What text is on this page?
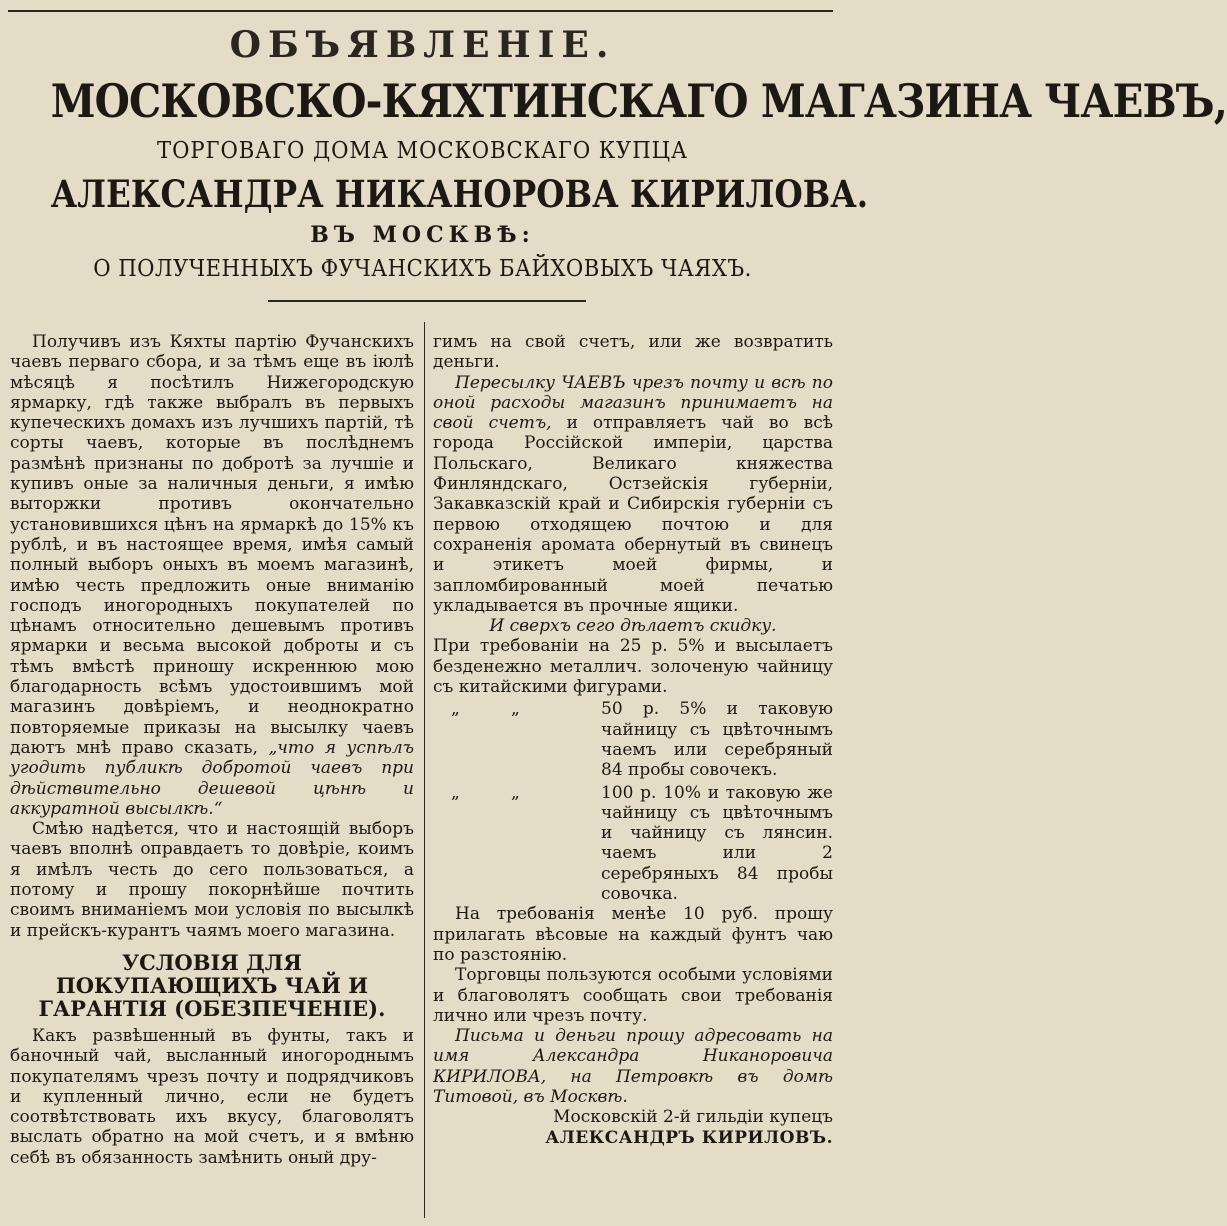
ОБЪЯВЛЕНІЕ.
МОСКОВСКО-КЯХТИНСКАГО МАГАЗИНА ЧАЕВЪ,
ТОРГОВАГО ДОМА МОСКОВСКАГО КУПЦА
АЛЕКСАНДРА НИКАНОРОВА КИРИЛОВА.
ВЪ МОСКВѢ:
О ПОЛУЧЕННЫХЪ ФУЧАНСКИХЪ БАЙХОВЫХЪ ЧАЯХЪ.

Получивъ изъ Кяхты партію Фучанскихъ чаевъ перваго сбора, и за тѣмъ еще въ іюлѣ мѣсяцѣ я посѣтилъ Нижегородскую ярмарку, гдѣ также выбралъ въ первыхъ купеческихъ домахъ изъ лучшихъ партій, тѣ сорты чаевъ, которые въ послѣднемъ размѣнѣ признаны по добротѣ за лучшіе и купивъ оные за наличныя деньги, я имѣю выторжки противъ окончательно установившихся цѣнъ на ярмаркѣ до 15% къ рублѣ, и въ настоящее время, имѣя самый полный выборъ оныхъ въ моемъ магазинѣ, имѣю честь предложить оные вниманію господъ иногородныхъ покупателей по цѣнамъ относительно дешевымъ противъ ярмарки и весьма высокой доброты и съ тѣмъ вмѣстѣ приношу искреннюю мою благодарность всѣмъ удостоившимъ мой магазинъ довѣріемъ, и неоднократно повторяемые приказы на высылку чаевъ даютъ мнѣ право сказать, „что я успѣлъ угодить публикѣ добротой чаевъ при дѣйствительно дешевой цѣнѣ и аккуратной высылкѣ.“

Смѣю надѣется, что и настоящій выборъ чаевъ вполнѣ оправдаетъ то довѣріе, коимъ я имѣлъ честь до сего пользоваться, а потому и прошу покорнѣйше почтить своимъ вниманіемъ мои условія по высылкѣ и прейскъ-курантъ чаямъ моего магазина.

УСЛОВІЯ ДЛЯ ПОКУПАЮЩИХЪ ЧАЙ И ГАРАНТІЯ (ОБЕЗПЕЧЕНІЕ).

Какъ развѣшенный въ фунты, такъ и баночный чай, высланный иногороднымъ покупателямъ чрезъ почту и подрядчиковъ и купленный лично, если не будетъ соотвѣтствовать ихъ вкусу, благоволятъ выслать обратно на мой счетъ, и я вмѣню себѣ въ обязанность замѣнить оный дру-

гимъ на свой счетъ, или же возвратить деньги.

Пересылку ЧАЕВЪ чрезъ почту и всѣ по оной расходы магазинъ принимаетъ на свой счетъ, и отправляетъ чай во всѣ города Россійской имперіи, царства Польскаго, Великаго княжества Финляндскаго, Остзейскія губерніи, Закавказскій край и Сибирскія губерніи съ первою отходящею почтою и для сохраненія аромата обернутый въ свинецъ и этикетъ моей фирмы, и запломбированный моей печатью укладывается въ прочные ящики.

И сверхъ сего дѣлаетъ скидку.

При требованіи на 25 р. 5% и высылаетъ безденежно металлич. золоченую чайницу съ китайскими фигурами.

„	„	50 р. 5% и таковую чайницу съ цвѣточнымъ чаемъ или серебряный 84 пробы совочекъ.
„	„	100 р. 10% и таковую же чайницу съ цвѣточнымъ и чайницу съ лянсин. чаемъ или 2 серебряныхъ 84 пробы совочка.

На требованія менѣе 10 руб. прошу прилагать вѣсовые на каждый фунтъ чаю по разстоянію.

Торговцы пользуются особыми условіями и благоволятъ сообщать свои требованія лично или чрезъ почту.

Письма и деньги прошу адресовать на имя Александра Никаноровича КИРИЛОВА, на Петровкѣ въ домѣ Титовой, въ Москвѣ.

Московскій 2-й гильдіи купецъ

АЛЕКСАНДРЪ КИРИЛОВЪ.
